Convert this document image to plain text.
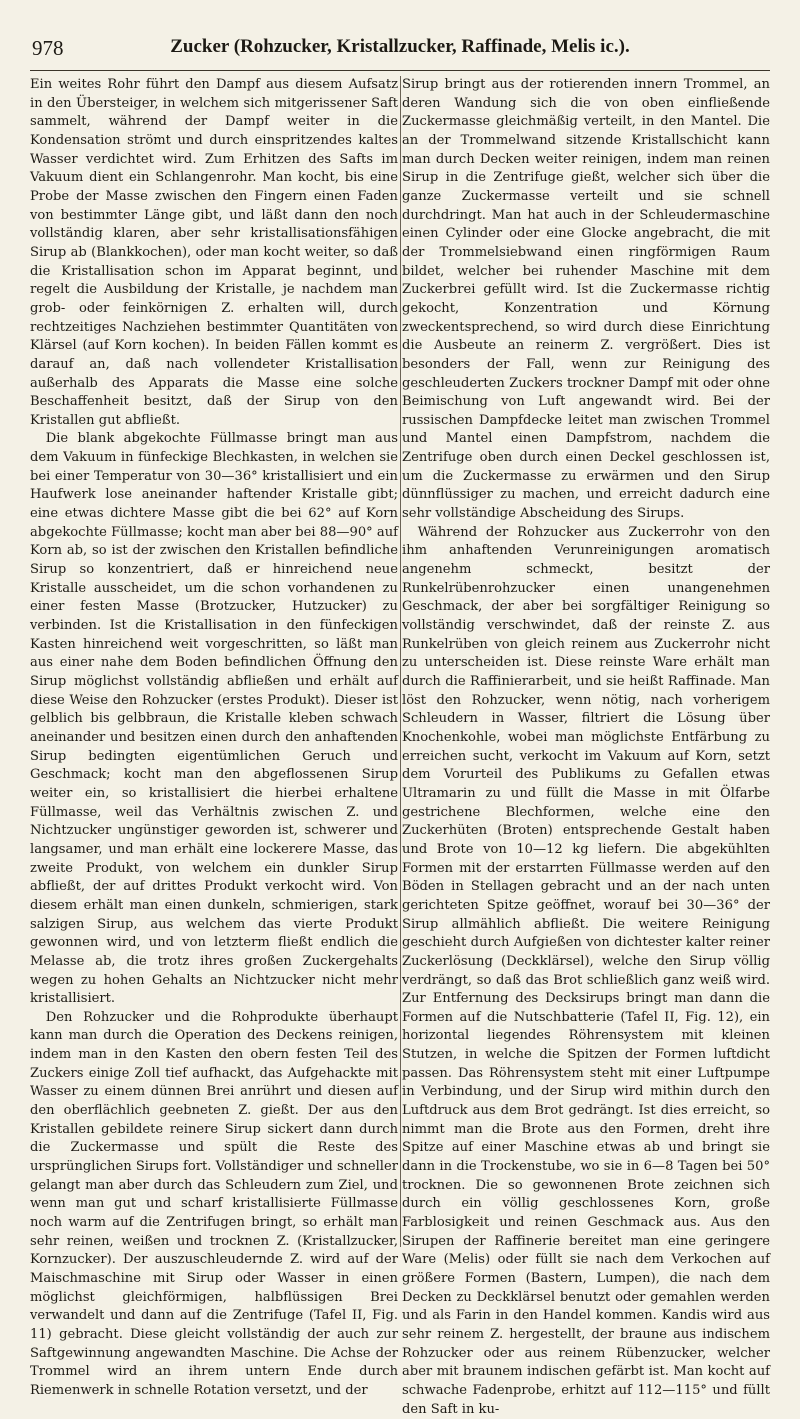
978	Zucker (Rohzucker, Kristallzucker, Raffinade, Melis ic.).

Ein weites Rohr führt den Dampf aus diesem Aufsatz in den Übersteiger, in welchem sich mitgerissener Saft sammelt, während der Dampf weiter in die Kondensation strömt und durch einspritzendes kaltes Wasser verdichtet wird. Zum Erhitzen des Safts im Vakuum dient ein Schlangenrohr. Man kocht, bis eine Probe der Masse zwischen den Fingern einen Faden von bestimmter Länge gibt, und läßt dann den noch vollständig klaren, aber sehr kristallisationsfähigen Sirup ab (Blankkochen), oder man kocht weiter, so daß die Kristallisation schon im Apparat beginnt, und regelt die Ausbildung der Kristalle, je nachdem man grob- oder feinkörnigen Z. erhalten will, durch rechtzeitiges Nachziehen bestimmter Quantitäten von Klärsel (auf Korn kochen). In beiden Fällen kommt es darauf an, daß nach vollendeter Kristallisation außerhalb des Apparats die Masse eine solche Beschaffenheit besitzt, daß der Sirup von den Kristallen gut abfließt.

Die blank abgekochte Füllmasse bringt man aus dem Vakuum in fünfeckige Blechkasten, in welchen sie bei einer Temperatur von 30—36° kristallisiert und ein Haufwerk lose aneinander haftender Kristalle gibt; eine etwas dichtere Masse gibt die bei 62° auf Korn abgekochte Füllmasse; kocht man aber bei 88—90° auf Korn ab, so ist der zwischen den Kristallen befindliche Sirup so konzentriert, daß er hinreichend neue Kristalle ausscheidet, um die schon vorhandenen zu einer festen Masse (Brotzucker, Hutzucker) zu verbinden. Ist die Kristallisation in den fünfeckigen Kasten hinreichend weit vorgeschritten, so läßt man aus einer nahe dem Boden befindlichen Öffnung den Sirup möglichst vollständig abfließen und erhält auf diese Weise den Rohzucker (erstes Produkt). Dieser ist gelblich bis gelbbraun, die Kristalle kleben schwach aneinander und besitzen einen durch den anhaftenden Sirup bedingten eigentümlichen Geruch und Geschmack; kocht man den abgeflossenen Sirup weiter ein, so kristallisiert die hierbei erhaltene Füllmasse, weil das Verhältnis zwischen Z. und Nichtzucker ungünstiger geworden ist, schwerer und langsamer, und man erhält eine lockerere Masse, das zweite Produkt, von welchem ein dunkler Sirup abfließt, der auf drittes Produkt verkocht wird. Von diesem erhält man einen dunkeln, schmierigen, stark salzigen Sirup, aus welchem das vierte Produkt gewonnen wird, und von letzterm fließt endlich die Melasse ab, die trotz ihres großen Zuckergehalts wegen zu hohen Gehalts an Nichtzucker nicht mehr kristallisiert.

Den Rohzucker und die Rohprodukte überhaupt kann man durch die Operation des Deckens reinigen, indem man in den Kasten den obern festen Teil des Zuckers einige Zoll tief aufhackt, das Aufgehackte mit Wasser zu einem dünnen Brei anrührt und diesen auf den oberflächlich geebneten Z. gießt. Der aus den Kristallen gebildete reinere Sirup sickert dann durch die Zuckermasse und spült die Reste des ursprünglichen Sirups fort. Vollständiger und schneller gelangt man aber durch das Schleudern zum Ziel, und wenn man gut und scharf kristallisierte Füllmasse noch warm auf die Zentrifugen bringt, so erhält man sehr reinen, weißen und trocknen Z. (Kristallzucker, Kornzucker). Der auszuschleudernde Z. wird auf der Maischmaschine mit Sirup oder Wasser in einen möglichst gleichförmigen, halbflüssigen Brei verwandelt und dann auf die Zentrifuge (Tafel II, Fig. 11) gebracht. Diese gleicht vollständig der auch zur Saftgewinnung angewandten Maschine. Die Achse der Trommel wird an ihrem untern Ende durch Riemenwerk in schnelle Rotation versetzt, und der

Sirup bringt aus der rotierenden innern Trommel, an deren Wandung sich die von oben einfließende Zuckermasse gleichmäßig verteilt, in den Mantel. Die an der Trommelwand sitzende Kristallschicht kann man durch Decken weiter reinigen, indem man reinen Sirup in die Zentrifuge gießt, welcher sich über die ganze Zuckermasse verteilt und sie schnell durchdringt. Man hat auch in der Schleudermaschine einen Cylinder oder eine Glocke angebracht, die mit der Trommelsiebwand einen ringförmigen Raum bildet, welcher bei ruhender Maschine mit dem Zuckerbrei gefüllt wird. Ist die Zuckermasse richtig gekocht, Konzentration und Körnung zweckentsprechend, so wird durch diese Einrichtung die Ausbeute an reinerm Z. vergrößert. Dies ist besonders der Fall, wenn zur Reinigung des geschleuderten Zuckers trockner Dampf mit oder ohne Beimischung von Luft angewandt wird. Bei der russischen Dampfdecke leitet man zwischen Trommel und Mantel einen Dampfstrom, nachdem die Zentrifuge oben durch einen Deckel geschlossen ist, um die Zuckermasse zu erwärmen und den Sirup dünnflüssiger zu machen, und erreicht dadurch eine sehr vollständige Abscheidung des Sirups.

Während der Rohzucker aus Zuckerrohr von den ihm anhaftenden Verunreinigungen aromatisch angenehm schmeckt, besitzt der Runkelrübenrohzucker einen unangenehmen Geschmack, der aber bei sorgfältiger Reinigung so vollständig verschwindet, daß der reinste Z. aus Runkelrüben von gleich reinem aus Zuckerrohr nicht zu unterscheiden ist. Diese reinste Ware erhält man durch die Raffinierarbeit, und sie heißt Raffinade. Man löst den Rohzucker, wenn nötig, nach vorherigem Schleudern in Wasser, filtriert die Lösung über Knochenkohle, wobei man möglichste Entfärbung zu erreichen sucht, verkocht im Vakuum auf Korn, setzt dem Vorurteil des Publikums zu Gefallen etwas Ultramarin zu und füllt die Masse in mit Ölfarbe gestrichene Blechformen, welche eine den Zuckerhüten (Broten) entsprechende Gestalt haben und Brote von 10—12 kg liefern. Die abgekühlten Formen mit der erstarrten Füllmasse werden auf den Böden in Stellagen gebracht und an der nach unten gerichteten Spitze geöffnet, worauf bei 30—36° der Sirup allmählich abfließt. Die weitere Reinigung geschieht durch Aufgießen von dichtester kalter reiner Zuckerlösung (Deckklärsel), welche den Sirup völlig verdrängt, so daß das Brot schließlich ganz weiß wird. Zur Entfernung des Decksirups bringt man dann die Formen auf die Nutschbatterie (Tafel II, Fig. 12), ein horizontal liegendes Röhrensystem mit kleinen Stutzen, in welche die Spitzen der Formen luftdicht passen. Das Röhrensystem steht mit einer Luftpumpe in Verbindung, und der Sirup wird mithin durch den Luftdruck aus dem Brot gedrängt. Ist dies erreicht, so nimmt man die Brote aus den Formen, dreht ihre Spitze auf einer Maschine etwas ab und bringt sie dann in die Trockenstube, wo sie in 6—8 Tagen bei 50° trocknen. Die so gewonnenen Brote zeichnen sich durch ein völlig geschlossenes Korn, große Farblosigkeit und reinen Geschmack aus. Aus den Sirupen der Raffinerie bereitet man eine geringere Ware (Melis) oder füllt sie nach dem Verkochen auf größere Formen (Bastern, Lumpen), die nach dem Decken zu Deckklärsel benutzt oder gemahlen werden und als Farin in den Handel kommen. Kandis wird aus sehr reinem Z. hergestellt, der braune aus indischem Rohzucker oder aus reinem Rübenzucker, welcher aber mit braunem indischen gefärbt ist. Man kocht auf schwache Fadenprobe, erhitzt auf 112—115° und füllt den Saft in ku-
